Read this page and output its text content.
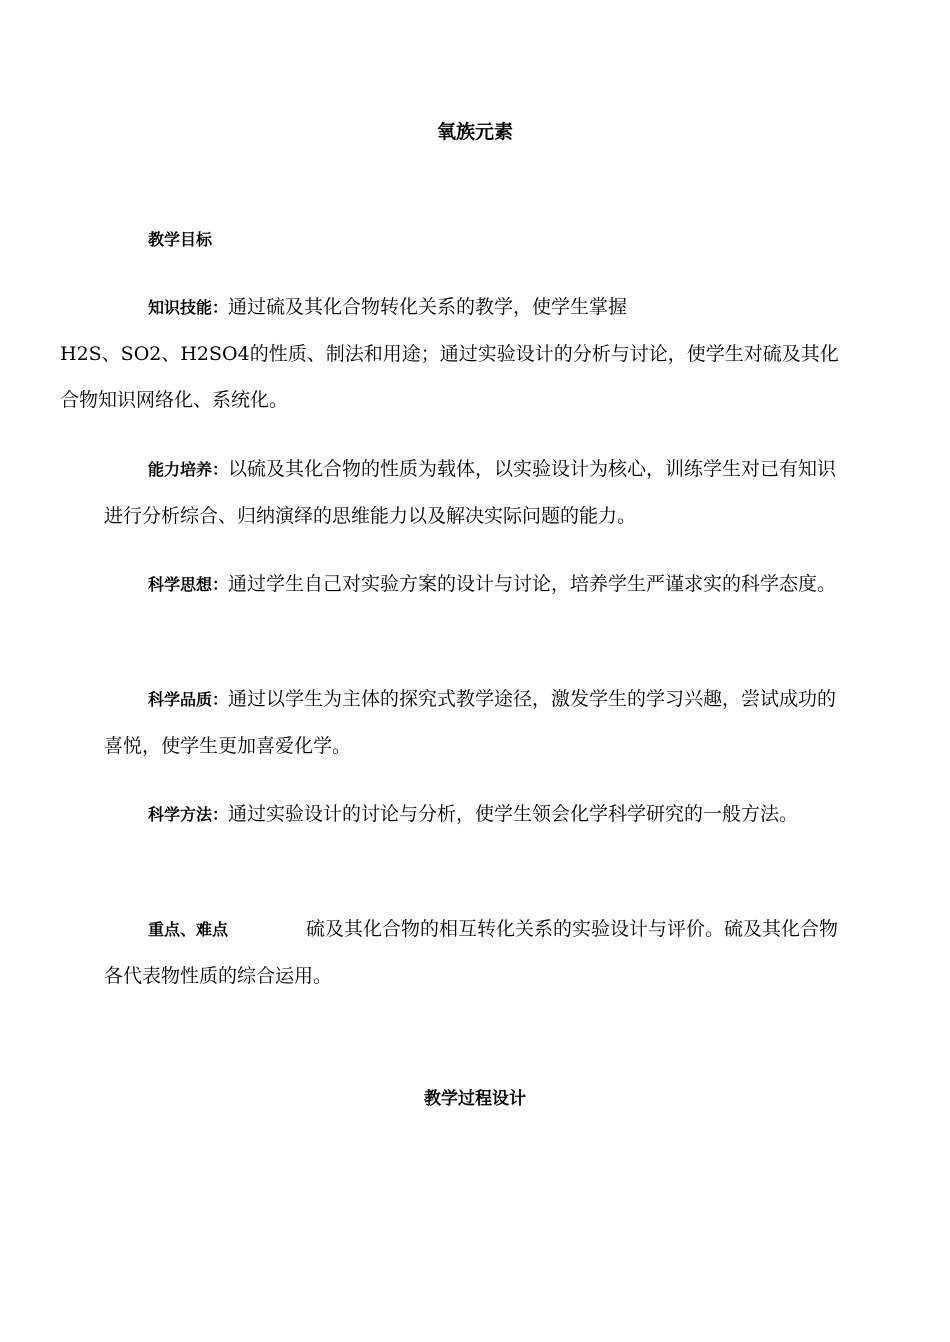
氧族元素
教学目标
知识技能：通过硫及其化合物转化关系的教学，使学生掌握
H2S、SO2、H2SO4的性质、制法和用途；通过实验设计的分析与讨论，使学生对硫及其化合物知识网络化、系统化。
能力培养：以硫及其化合物的性质为载体，以实验设计为核心，训练学生对已有知识进行分析综合、归纳演绎的思维能力以及解决实际问题的能力。
科学思想：通过学生自己对实验方案的设计与讨论，培养学生严谨求实的科学态度。
科学品质：通过以学生为主体的探究式教学途径，激发学生的学习兴趣，尝试成功的喜悦，使学生更加喜爱化学。
科学方法：通过实验设计的讨论与分析，使学生领会化学科学研究的一般方法。
重点、难点	硫及其化合物的相互转化关系的实验设计与评价。硫及其化合物各代表物性质的综合运用。
教学过程设计
